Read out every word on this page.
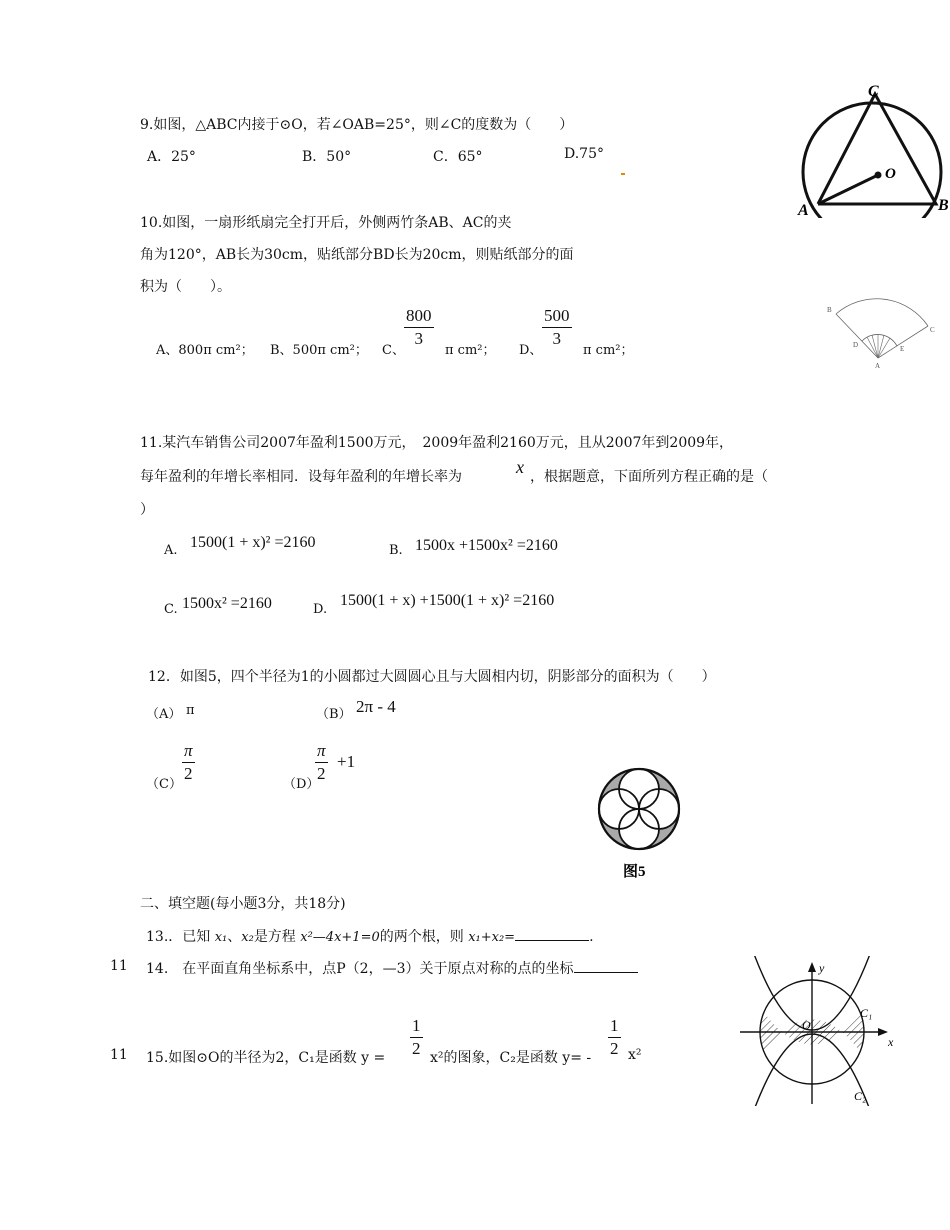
9.如图，△ABC内接于⊙O，若∠OAB=25°，则∠C的度数为（　　）
A．25°	B．50°	C．65°	D.75°
C
O
A	B
10.如图，一扇形纸扇完全打开后，外侧两竹条AB、AC的夹
角为120°，AB长为30cm，贴纸部分BD长为20cm，则贴纸部分的面
积为（　　）。
A、800π cm²； B、500π cm²； C、
800
3
π cm²； D、
500
3
π cm²；
B
C
D	E
A
11.某汽车销售公司2007年盈利1500万元，　2009年盈利2160万元，且从2007年到2009年，
每年盈利的年增长率相同．设每年盈利的年增长率为	x ，根据题意，下面所列方程正确的是（
）
A. 1500(1 + x)² =2160	B. 1500x +1500x² =2160
C. 1500x² =2160	D.
1500(1 + x) +1500(1 + x)² =2160
12．如图5，四个半径为1的小圆都过大圆圆心且与大圆相内切，阴影部分的面积为（　　）
（A） π	（B） 2π - 4
（C）
π
2
（D）
π
2
+1
图5
二、填空题(每小题3分，共18分)
13.．已知 x₁、x₂是方程 x²—4x+1=0的两个根，则 x₁+x₂=	.
11 14.　在平面直角坐标系中，点P（2，—3）关于原点对称的点的坐标
11 15.如图⊙O的半径为2，C₁是函数 y =
1
2 x²的图象，C₂是函数 y= -
1
2 x²
y
x
O
C₁
C₂
